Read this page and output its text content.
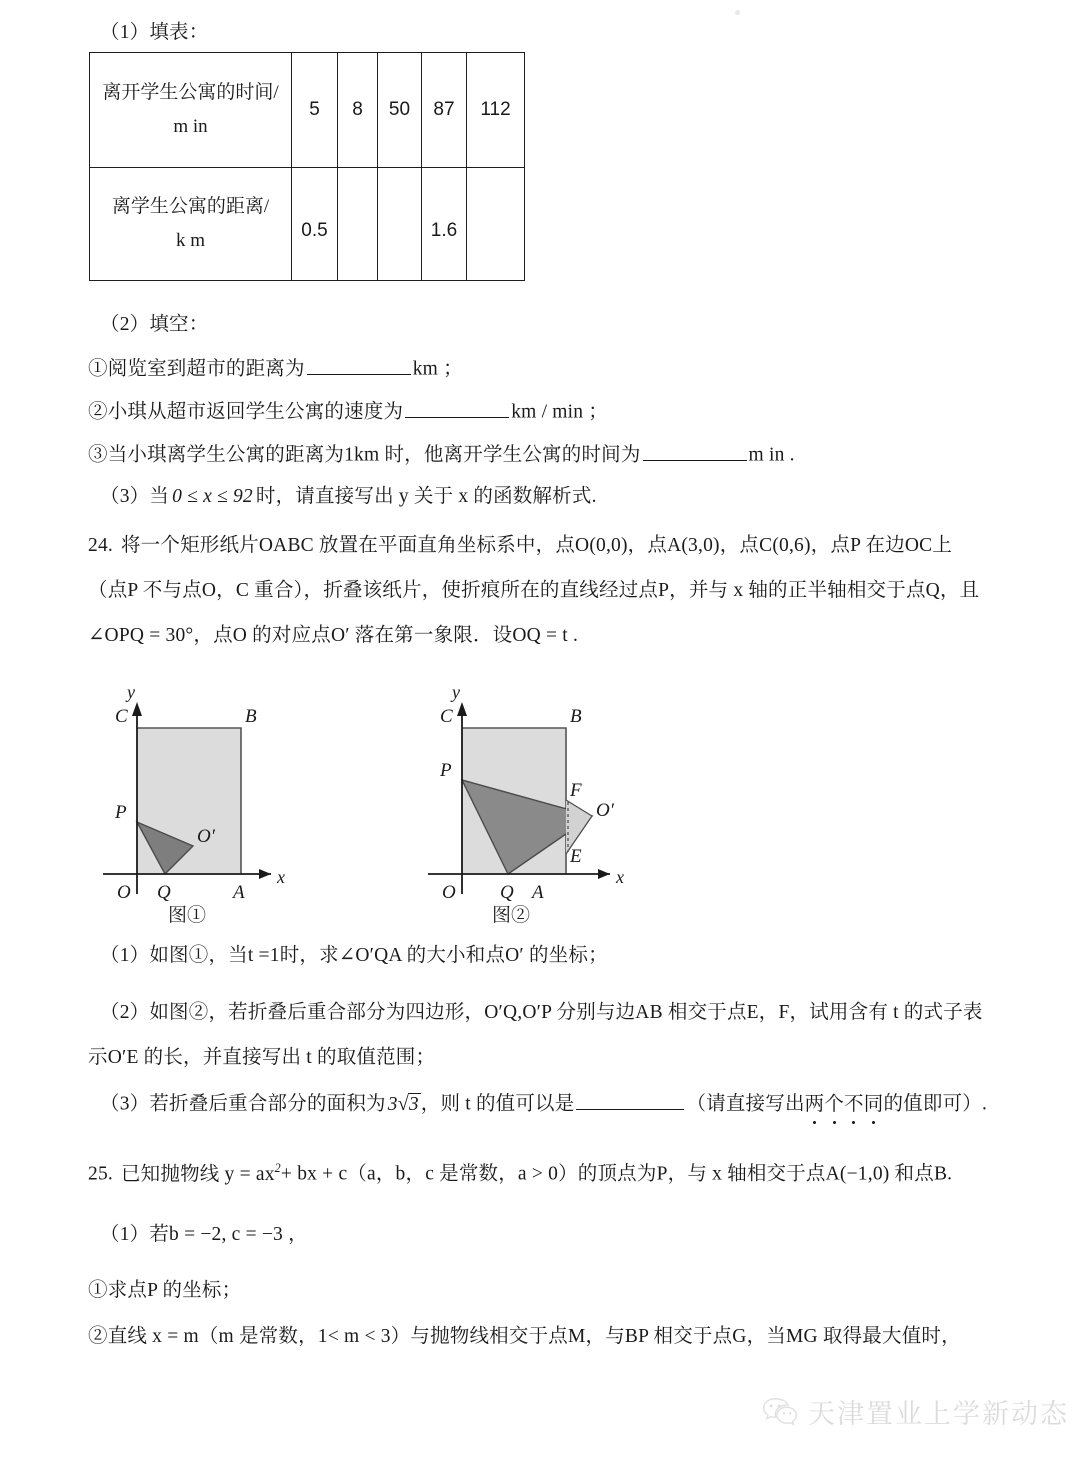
（1）填表：
离开学生公寓的时间/
m in	5	8	50	87	112

离学生公寓的距离/
k m	0.5			1.6	
（2）填空：
①阅览室到超市的距离为	km ；
②小琪从超市返回学生公寓的速度为	km / min ；
③当小琪离学生公寓的距离为1km 时，他离开学生公寓的时间为	m in .
（3）当 0 ≤ x ≤ 92 时，请直接写出 y 关于 x 的函数解析式.
24. 将一个矩形纸片OABC 放置在平面直角坐标系中，点O(0,0)，点A(3,0)，点C(0,6)，点P 在边OC上
（点P 不与点O，C 重合），折叠该纸片，使折痕所在的直线经过点P，并与 x 轴的正半轴相交于点Q，且
∠OPQ = 30°，点O 的对应点O′ 落在第一象限．设OQ = t .
y
x
C	B
P
O Q	A
O′
图①
y
x
C	B
P
O Q A
F
O′
E
图②
（1）如图①，当t =1时，求∠O′QA 的大小和点O′ 的坐标；
（2）如图②，若折叠后重合部分为四边形，O′Q,O′P 分别与边AB 相交于点E，F，试用含有 t 的式子表
示O′E 的长，并直接写出 t 的取值范围；
（3）若折叠后重合部分的面积为 3√3 ，则 t 的值可以是	（请直接写出两个不同
的值即可）.
25. 已知抛物线 $y = ax^2+$ bx + c（a，b，c 是常数，a > 0）的顶点为P，与 x 轴相交于点A(−1,0) 和点B.
（1）若b = −2, c = −3 ，
①求点P 的坐标；
②直线 x = m（m 是常数，1< m < 3）与抛物线相交于点M，与BP 相交于点G，当MG 取得最大值时，
天津置业上学新动态
